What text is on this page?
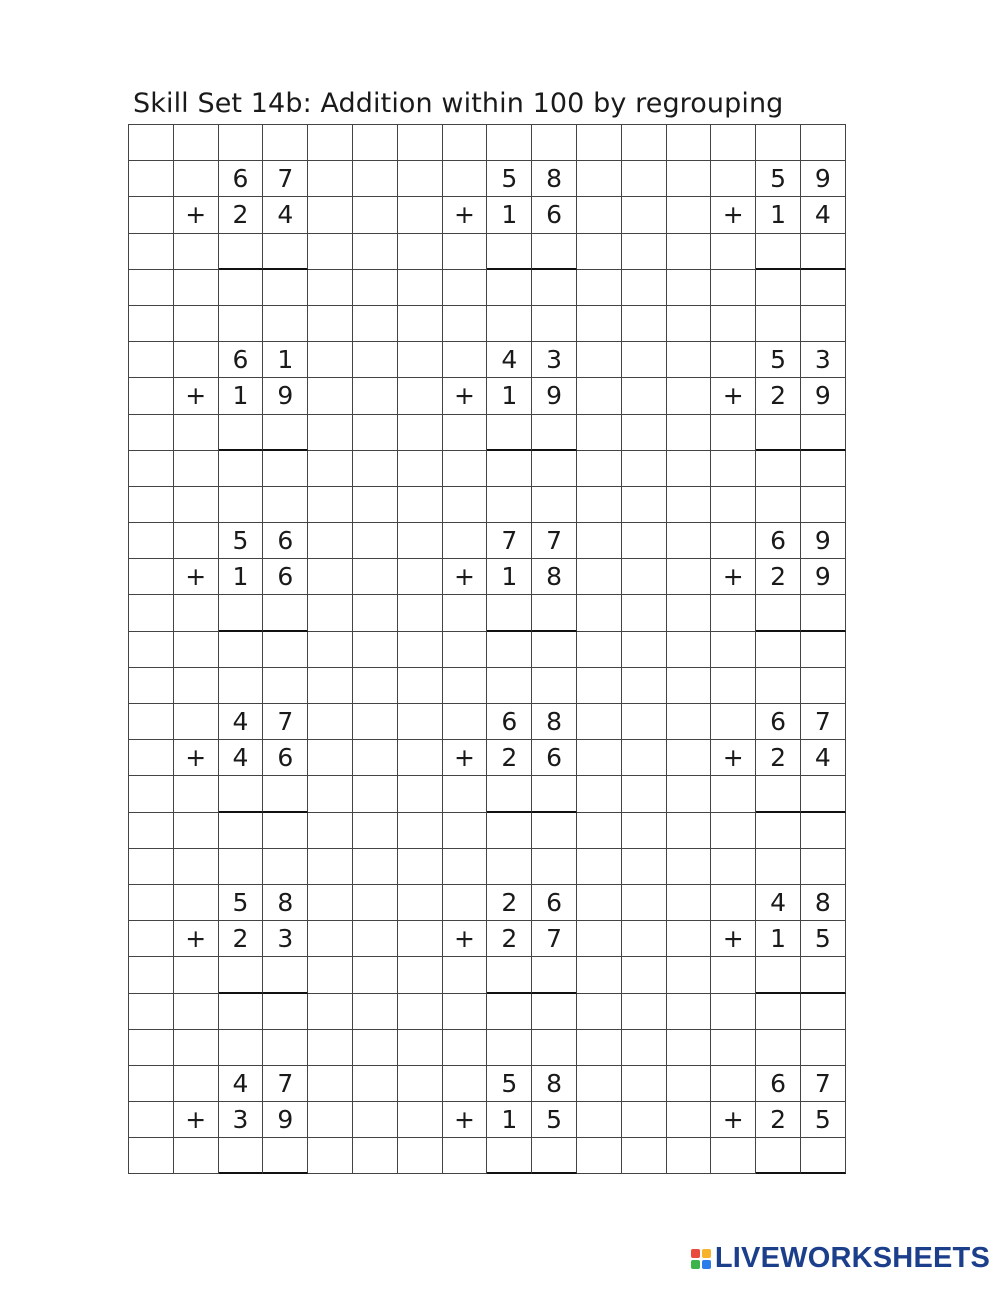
Skill Set 14b: Addition within 100 by regrouping
6	7	5	8	5	9
+	2	4	+	1	6	+	1	4
6	1	4	3	5	3
+	1	9	+	1	9	+	2	9
5	6	7	7	6	9
+	1	6	+	1	8	+	2	9
4	7	6	8	6	7
+	4	6	+	2	6	+	2	4
5	8	2	6	4	8
+	2	3	+	2	7	+	1	5
4	7	5	8	6	7
+	3	9	+	1	5	+	2	5
LIVEWORKSHEETS
